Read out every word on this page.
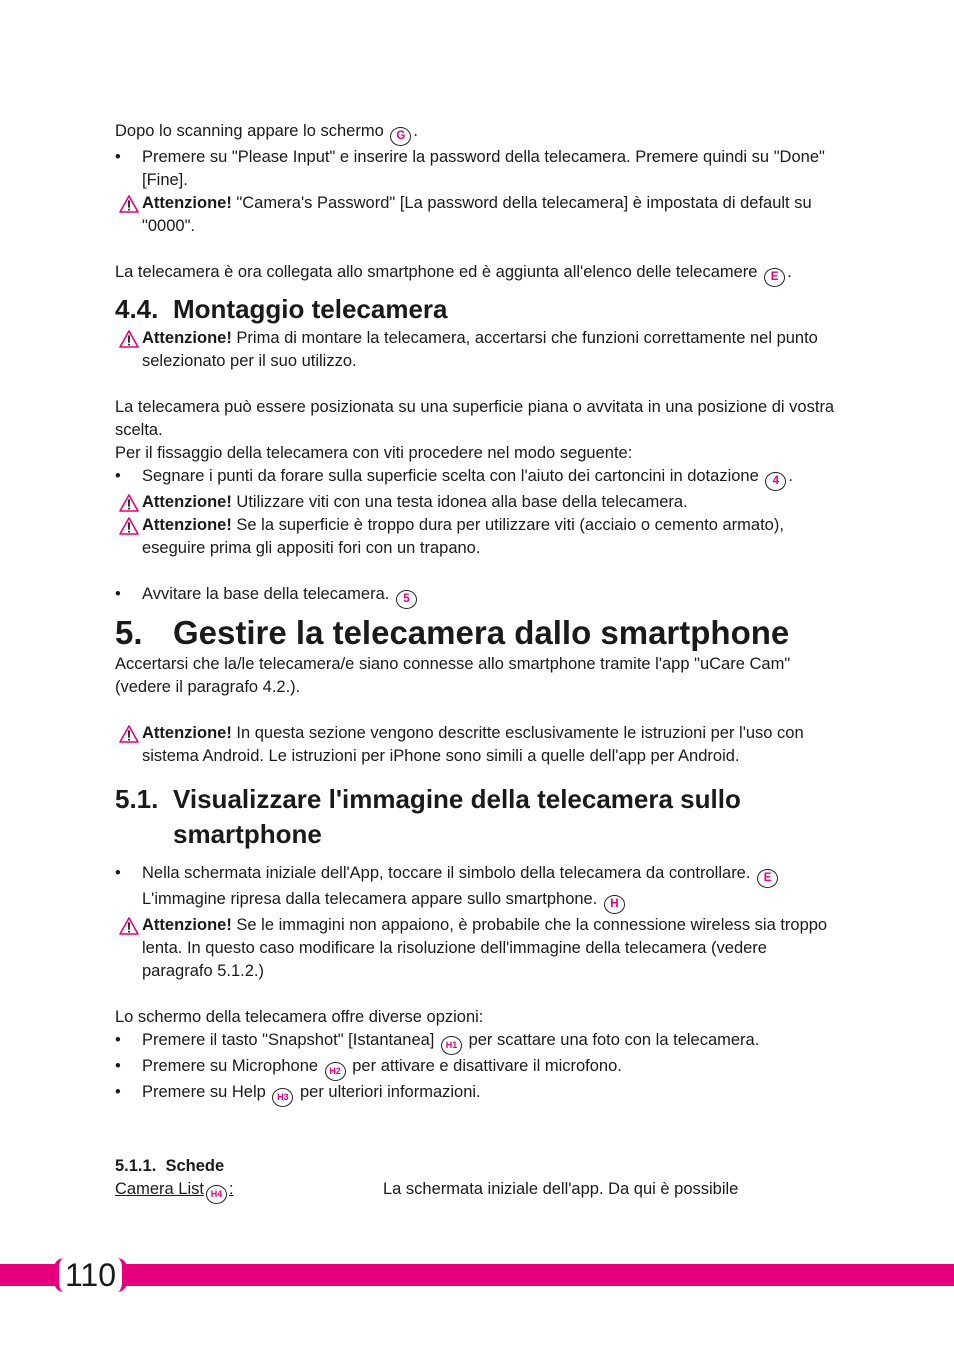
Dopo lo scanning appare lo schermo G .

• Premere su "Please Input" e inserire la password della telecamera. Premere quindi su "Done" [Fine].

Attenzione! "Camera's Password" [La password della telecamera] è impostata di default su "0000".

La telecamera è ora collegata allo smartphone ed è aggiunta all'elenco delle telecamere E .

4.4. Montaggio telecamera

Attenzione! Prima di montare la telecamera, accertarsi che funzioni correttamente nel punto selezionato per il suo utilizzo.

La telecamera può essere posizionata su una superficie piana o avvitata in una posizione di vostra scelta.

Per il fissaggio della telecamera con viti procedere nel modo seguente:

• Segnare i punti da forare sulla superficie scelta con l'aiuto dei cartoncini in dotazione 4 .

Attenzione! Utilizzare viti con una testa idonea alla base della telecamera.

Attenzione! Se la superficie è troppo dura per utilizzare viti (acciaio o cemento armato), eseguire prima gli appositi fori con un trapano.

• Avvitare la base della telecamera. 5

5. Gestire la telecamera dallo smartphone

Accertarsi che la/le telecamera/e siano connesse allo smartphone tramite l'app "uCare Cam" (vedere il paragrafo 4.2.).

Attenzione! In questa sezione vengono descritte esclusivamente le istruzioni per l'uso con sistema Android. Le istruzioni per iPhone sono simili a quelle dell'app per Android.

5.1. Visualizzare l'immagine della telecamera sullo smartphone

• Nella schermata iniziale dell'App, toccare il simbolo della telecamera da controllare. E L'immagine ripresa dalla telecamera appare sullo smartphone. H

Attenzione! Se le immagini non appaiono, è probabile che la connessione wireless sia troppo lenta. In questo caso modificare la risoluzione dell'immagine della telecamera (vedere paragrafo 5.1.2.)

Lo schermo della telecamera offre diverse opzioni:

• Premere il tasto "Snapshot" [Istantanea] H1 per scattare una foto con la telecamera.

• Premere su Microphone H2 per attivare e disattivare il microfono.

• Premere su Help H3 per ulteriori informazioni.

5.1.1. Schede
Camera List H4 :	La schermata iniziale dell'app. Da qui è possibile
110
